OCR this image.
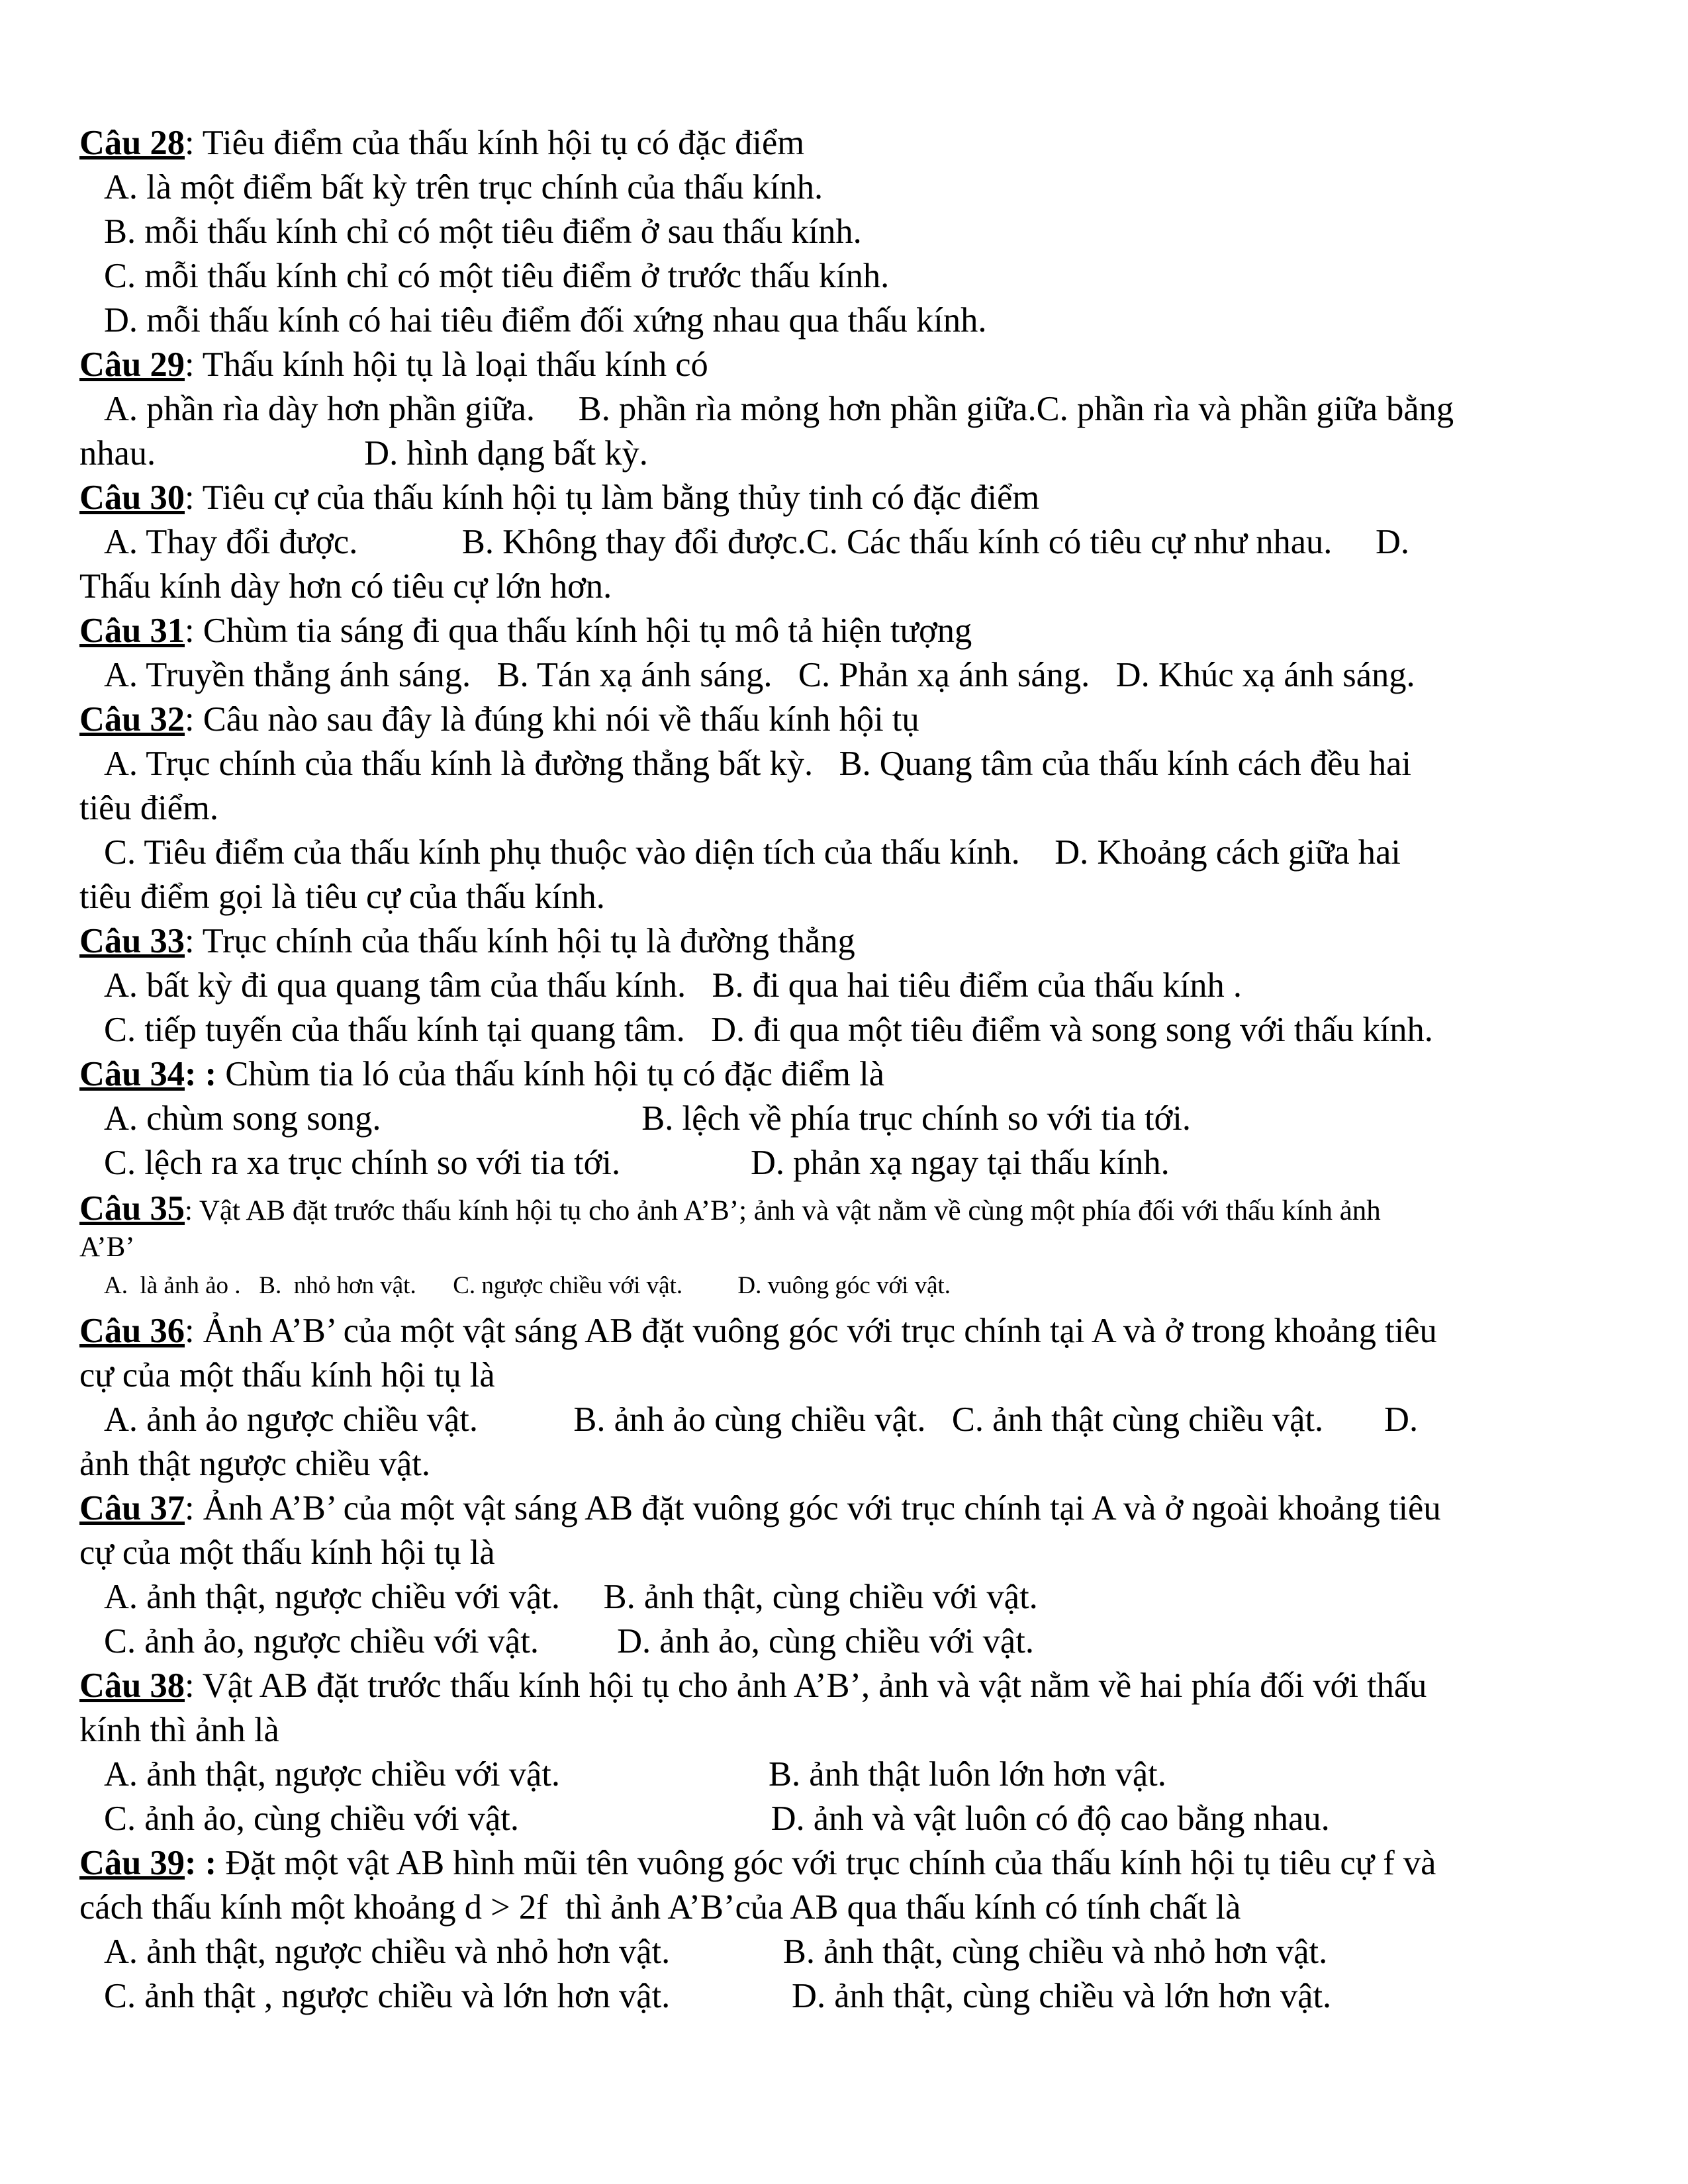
Câu 28: Tiêu điểm của thấu kính hội tụ có đặc điểm
A. là một điểm bất kỳ trên trục chính của thấu kính.
B. mỗi thấu kính chỉ có một tiêu điểm ở sau thấu kính.
C. mỗi thấu kính chỉ có một tiêu điểm ở trước thấu kính.
D. mỗi thấu kính có hai tiêu điểm đối xứng nhau qua thấu kính.
Câu 29: Thấu kính hội tụ là loại thấu kính có
A. phần rìa dày hơn phần giữa.     B. phần rìa mỏng hơn phần giữa.C. phần rìa và phần giữa bằng
nhau.                        D. hình dạng bất kỳ.
Câu 30: Tiêu cự của thấu kính hội tụ làm bằng thủy tinh có đặc điểm
A. Thay đổi được.            B. Không thay đổi được.C. Các thấu kính có tiêu cự như nhau.     D.
Thấu kính dày hơn có tiêu cự lớn hơn.
Câu 31: Chùm tia sáng đi qua thấu kính hội tụ mô tả hiện tượng
A. Truyền thẳng ánh sáng.   B. Tán xạ ánh sáng.   C. Phản xạ ánh sáng.   D. Khúc xạ ánh sáng.
Câu 32: Câu nào sau đây là đúng khi nói về thấu kính hội tụ
A. Trục chính của thấu kính là đường thẳng bất kỳ.   B. Quang tâm của thấu kính cách đều hai
tiêu điểm.
C. Tiêu điểm của thấu kính phụ thuộc vào diện tích của thấu kính.    D. Khoảng cách giữa hai
tiêu điểm gọi là tiêu cự của thấu kính.
Câu 33: Trục chính của thấu kính hội tụ là đường thẳng
A. bất kỳ đi qua quang tâm của thấu kính.   B. đi qua hai tiêu điểm của thấu kính .
C. tiếp tuyến của thấu kính tại quang tâm.   D. đi qua một tiêu điểm và song song với thấu kính.
Câu 34: : Chùm tia ló của thấu kính hội tụ có đặc điểm là
A. chùm song song.                              B. lệch về phía trục chính so với tia tới.
C. lệch ra xa trục chính so với tia tới.               D. phản xạ ngay tại thấu kính.
Câu 35: Vật AB đặt trước thấu kính hội tụ cho ảnh A’B’; ảnh và vật nằm về cùng một phía đối với thấu kính ảnh
A’B’
A.  là ảnh ảo .   B.  nhỏ hơn vật.      C. ngược chiều với vật.         D. vuông góc với vật.
Câu 36: Ảnh A’B’ của một vật sáng AB đặt vuông góc với trục chính tại A và ở trong khoảng tiêu
cự của một thấu kính hội tụ là
A. ảnh ảo ngược chiều vật.           B. ảnh ảo cùng chiều vật.   C. ảnh thật cùng chiều vật.       D.
ảnh thật ngược chiều vật.
Câu 37: Ảnh A’B’ của một vật sáng AB đặt vuông góc với trục chính tại A và ở ngoài khoảng tiêu
cự của một thấu kính hội tụ là
A. ảnh thật, ngược chiều với vật.     B. ảnh thật, cùng chiều với vật.
C. ảnh ảo, ngược chiều với vật.         D. ảnh ảo, cùng chiều với vật.
Câu 38: Vật AB đặt trước thấu kính hội tụ cho ảnh A’B’, ảnh và vật nằm về hai phía đối với thấu
kính thì ảnh là
A. ảnh thật, ngược chiều với vật.                        B. ảnh thật luôn lớn hơn vật.
C. ảnh ảo, cùng chiều với vật.                             D. ảnh và vật luôn có độ cao bằng nhau.
Câu 39: : Đặt một vật AB hình mũi tên vuông góc với trục chính của thấu kính hội tụ tiêu cự f và
cách thấu kính một khoảng d > 2f  thì ảnh A’B’của AB qua thấu kính có tính chất là
A. ảnh thật, ngược chiều và nhỏ hơn vật.             B. ảnh thật, cùng chiều và nhỏ hơn vật.
C. ảnh thật , ngược chiều và lớn hơn vật.              D. ảnh thật, cùng chiều và lớn hơn vật.
